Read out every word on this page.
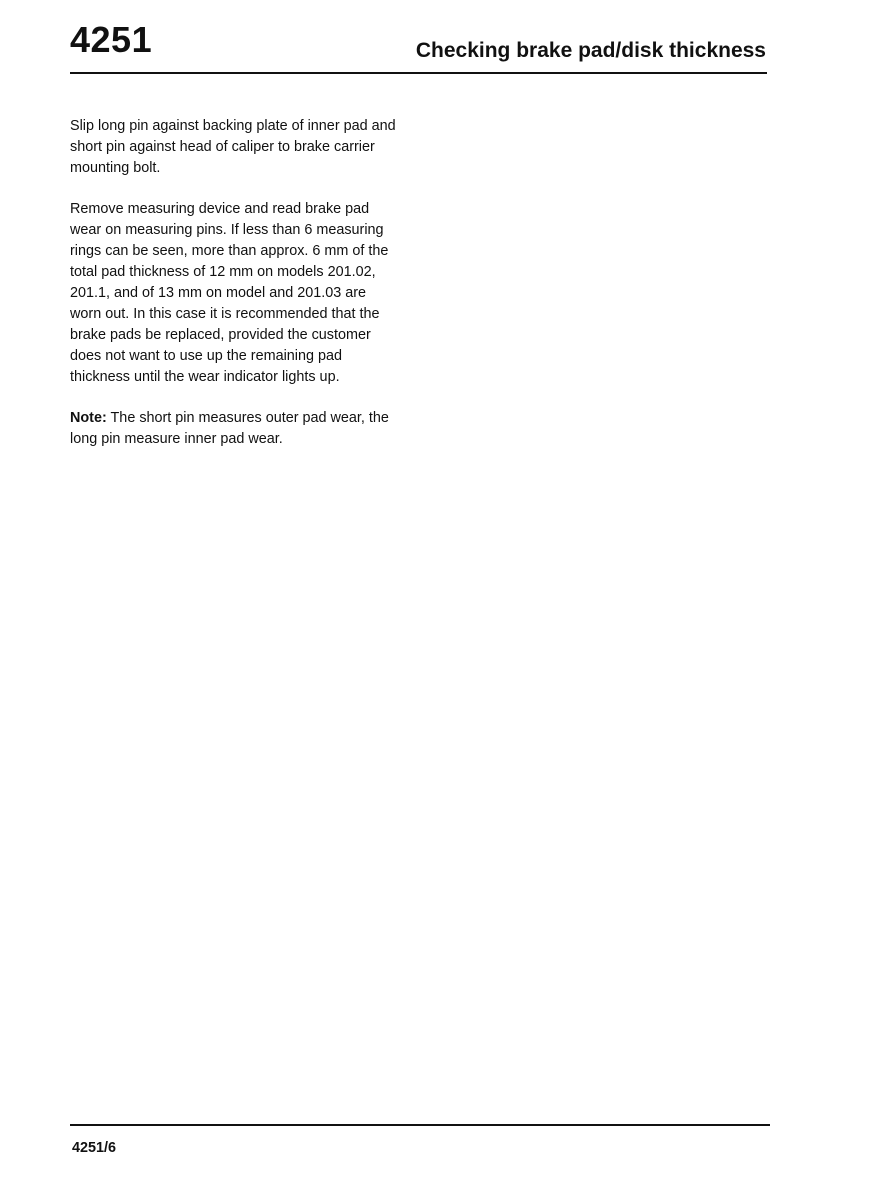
4251	Checking brake pad/disk thickness

Slip long pin against backing plate of inner pad and short pin against head of caliper to brake carrier mounting bolt.

Remove measuring device and read brake pad wear on measuring pins. If less than 6 measuring rings can be seen, more than approx. 6 mm of the total pad thickness of 12 mm on models 201.02, 201.1, and of 13 mm on model and 201.03 are worn out. In this case it is recommended that the brake pads be replaced, provided the customer does not want to use up the remaining pad thickness until the wear indicator lights up.

Note: The short pin measures outer pad wear, the long pin measure inner pad wear.

4251/6
